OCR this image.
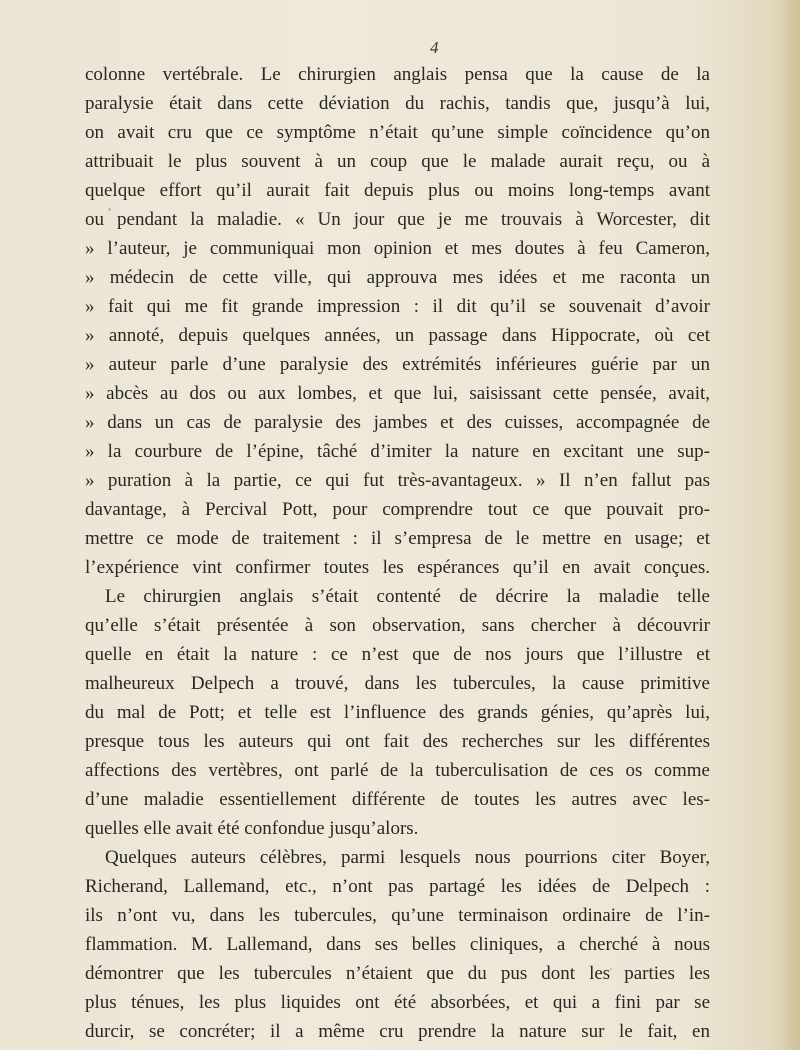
4
colonne vertébrale. Le chirurgien anglais pensa que la cause de la
paralysie était dans cette déviation du rachis, tandis que, jusqu’à lui,
on avait cru que ce symptôme n’était qu’une simple coïncidence qu’on
attribuait le plus souvent à un coup que le malade aurait reçu, ou à
quelque effort qu’il aurait fait depuis plus ou moins long-temps avant
ou pendant la maladie. « Un jour que je me trouvais à Worcester, dit
» l’auteur, je communiquai mon opinion et mes doutes à feu Cameron,
» médecin de cette ville, qui approuva mes idées et me raconta un
» fait qui me fit grande impression : il dit qu’il se souvenait d’avoir
» annoté, depuis quelques années, un passage dans Hippocrate, où cet
» auteur parle d’une paralysie des extrémités inférieures guérie par un
» abcès au dos ou aux lombes, et que lui, saisissant cette pensée, avait,
» dans un cas de paralysie des jambes et des cuisses, accompagnée de
» la courbure de l’épine, tâché d’imiter la nature en excitant une sup-
» puration à la partie, ce qui fut très-avantageux. » Il n’en fallut pas
davantage, à Percival Pott, pour comprendre tout ce que pouvait pro-
mettre ce mode de traitement : il s’empresa de le mettre en usage; et
l’expérience vint confirmer toutes les espérances qu’il en avait conçues.
Le chirurgien anglais s’était contenté de décrire la maladie telle
qu’elle s’était présentée à son observation, sans chercher à découvrir
quelle en était la nature : ce n’est que de nos jours que l’illustre et
malheureux Delpech a trouvé, dans les tubercules, la cause primitive
du mal de Pott; et telle est l’influence des grands génies, qu’après lui,
presque tous les auteurs qui ont fait des recherches sur les différentes
affections des vertèbres, ont parlé de la tuberculisation de ces os comme
d’une maladie essentiellement différente de toutes les autres avec les-
quelles elle avait été confondue jusqu’alors.
Quelques auteurs célèbres, parmi lesquels nous pourrions citer Boyer,
Richerand, Lallemand, etc., n’ont pas partagé les idées de Delpech :
ils n’ont vu, dans les tubercules, qu’une terminaison ordinaire de l’in-
flammation. M. Lallemand, dans ses belles cliniques, a cherché à nous
démontrer que les tubercules n’étaient que du pus dont les parties les
plus ténues, les plus liquides ont été absorbées, et qui a fini par se
durcir, se concréter; il a même cru prendre la nature sur le fait, en
